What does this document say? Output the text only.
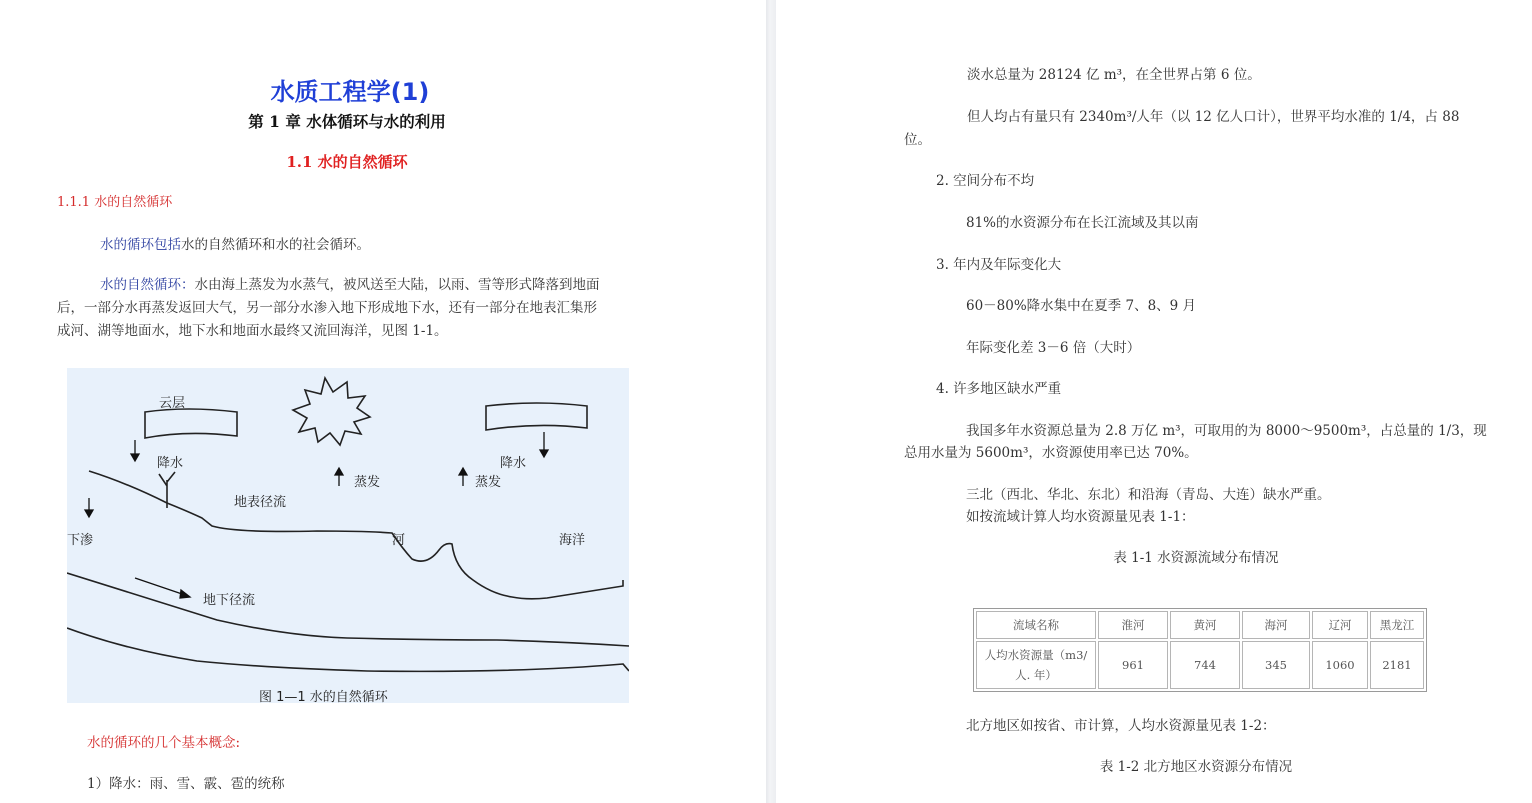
水质工程学(1)
第 1 章 水体循环与水的利用
1.1 水的自然循环
1.1.1 水的自然循环
水的循环包括水的自然循环和水的社会循环。
水的自然循环：水由海上蒸发为水蒸气，被风送至大陆，以雨、雪等形式降落到地面
后，一部分水再蒸发返回大气，另一部分水渗入地下形成地下水，还有一部分在地表汇集形
成河、湖等地面水，地下水和地面水最终又流回海洋，见图 1-1。
云层
降水	降水
地表径流
蒸发	蒸发
下渗	河	海洋
地下径流
图 1—1 水的自然循环
水的循环的几个基本概念:
1）降水：雨、雪、霰、雹的统称
淡水总量为 28124 亿 m³，在全世界占第 6 位。
但人均占有量只有 2340m³/人年（以 12 亿人口计），世界平均水准的 1/4，占 88
位。
2. 空间分布不均
81%的水资源分布在长江流域及其以南
3. 年内及年际变化大
60－80%降水集中在夏季 7、8、9 月
年际变化差 3－6 倍（大时）
4. 许多地区缺水严重
我国多年水资源总量为 2.8 万亿 m³，可取用的为 8000～9500m³，占总量的 1/3，现
总用水量为 5600m³，水资源使用率已达 70%。
三北（西北、华北、东北）和沿海（青岛、大连）缺水严重。
如按流域计算人均水资源量见表 1-1：
表 1-1 水资源流域分布情况
流域名称	淮河	黄河	海河	辽河	黑龙江
人均水资源量（m3/人. 年）	961	744	345	1060	2181
北方地区如按省、市计算，人均水资源量见表 1-2：
表 1-2 北方地区水资源分布情况
